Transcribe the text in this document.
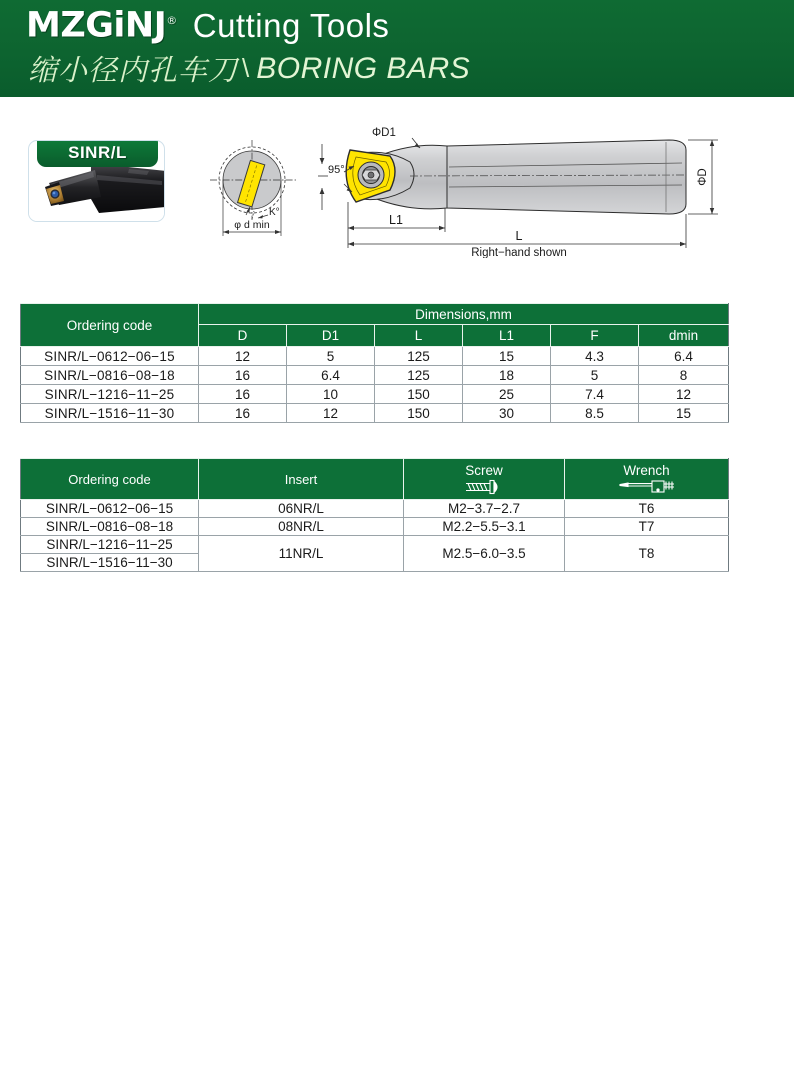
MZGiNJ® Cutting Tools
缩小径内孔车刀 \ BORING BARS
SINR/L
K°
φ d min
95°
ΦD1
ΦD
L1
L
Right−hand shown
Ordering code	Dimensions,mm					
	D	D1	L	L1	F	dmin
SINR/L−0612−06−15	12	5	125	15	4.3	6.4
SINR/L−0816−08−18	16	6.4	125	18	5	8
SINR/L−1216−11−25	16	10	150	25	7.4	12
SINR/L−1516−11−30	16	12	150	30	8.5	15
Ordering code	Insert	Screw	Wrench

SINR/L−0612−06−15	06NR/L	M2−3.7−2.7	T6
SINR/L−0816−08−18	08NR/L	M2.2−5.5−3.1	T7
SINR/L−1216−11−25	11NR/L	M2.5−6.0−3.5	T8
SINR/L−1516−11−30			
